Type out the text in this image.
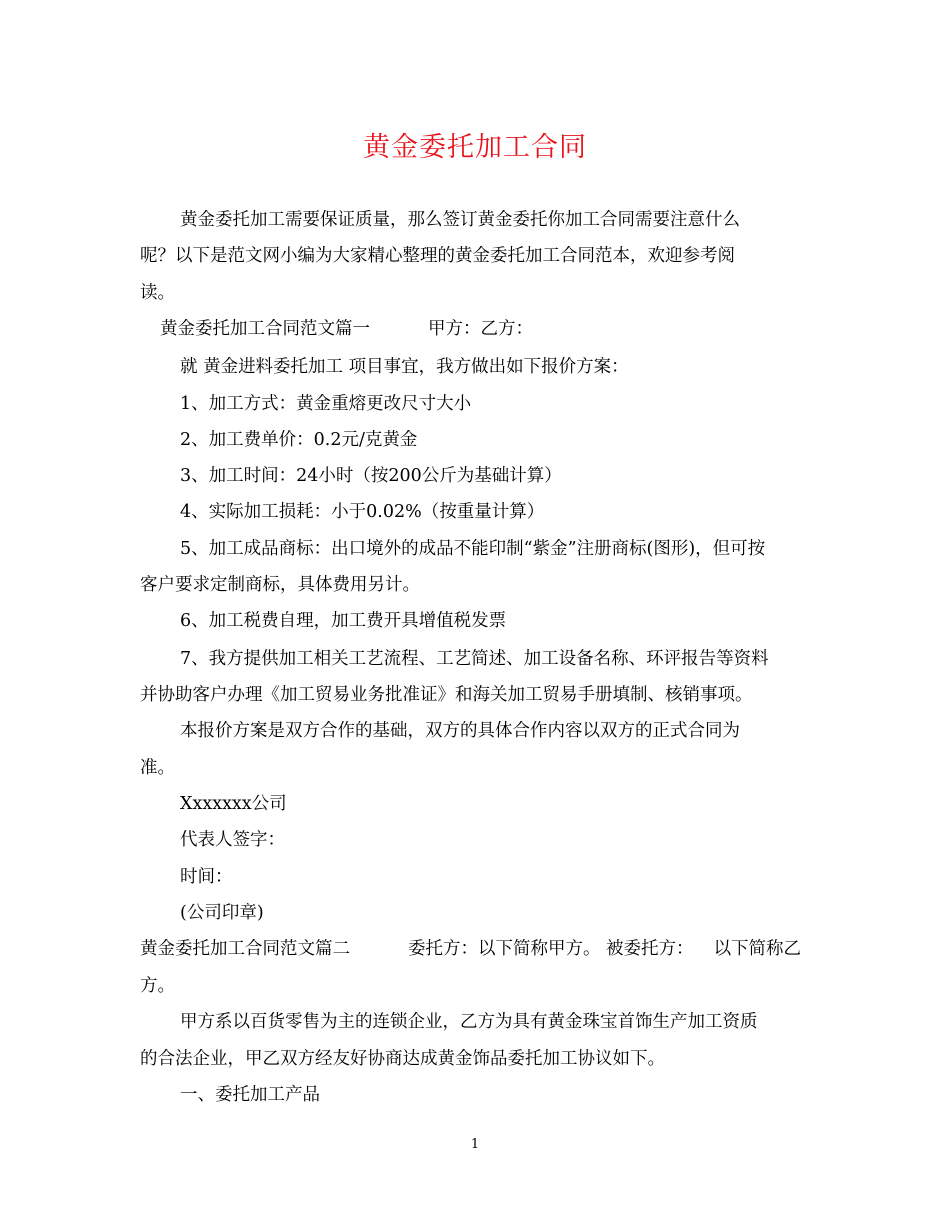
黄金委托加工合同
黄金委托加工需要保证质量，那么签订黄金委托你加工合同需要注意什么
呢？以下是范文网小编为大家精心整理的黄金委托加工合同范本，欢迎参考阅
读。
黄金委托加工合同范文篇一	甲方：乙方：
就 黄金进料委托加工 项目事宜，我方做出如下报价方案：
1、加工方式：黄金重熔更改尺寸大小
2、加工费单价：0.2元/克黄金
3、加工时间：24小时（按200公斤为基础计算）
4、实际加工损耗：小于0.02%（按重量计算）
5、加工成品商标：出口境外的成品不能印制“紫金”注册商标(图形)，但可按
客户要求定制商标，具体费用另计。
6、加工税费自理，加工费开具增值税发票
7、我方提供加工相关工艺流程、工艺简述、加工设备名称、环评报告等资料
并协助客户办理《加工贸易业务批准证》和海关加工贸易手册填制、核销事项。
本报价方案是双方合作的基础，双方的具体合作内容以双方的正式合同为
准。
Xxxxxxx公司
代表人签字：
时间：
(公司印章)
黄金委托加工合同范文篇二	委托方：以下简称甲方。 被委托方： 以下简称乙
方。
甲方系以百货零售为主的连锁企业，乙方为具有黄金珠宝首饰生产加工资质
的合法企业，甲乙双方经友好协商达成黄金饰品委托加工协议如下。
一、委托加工产品
1
